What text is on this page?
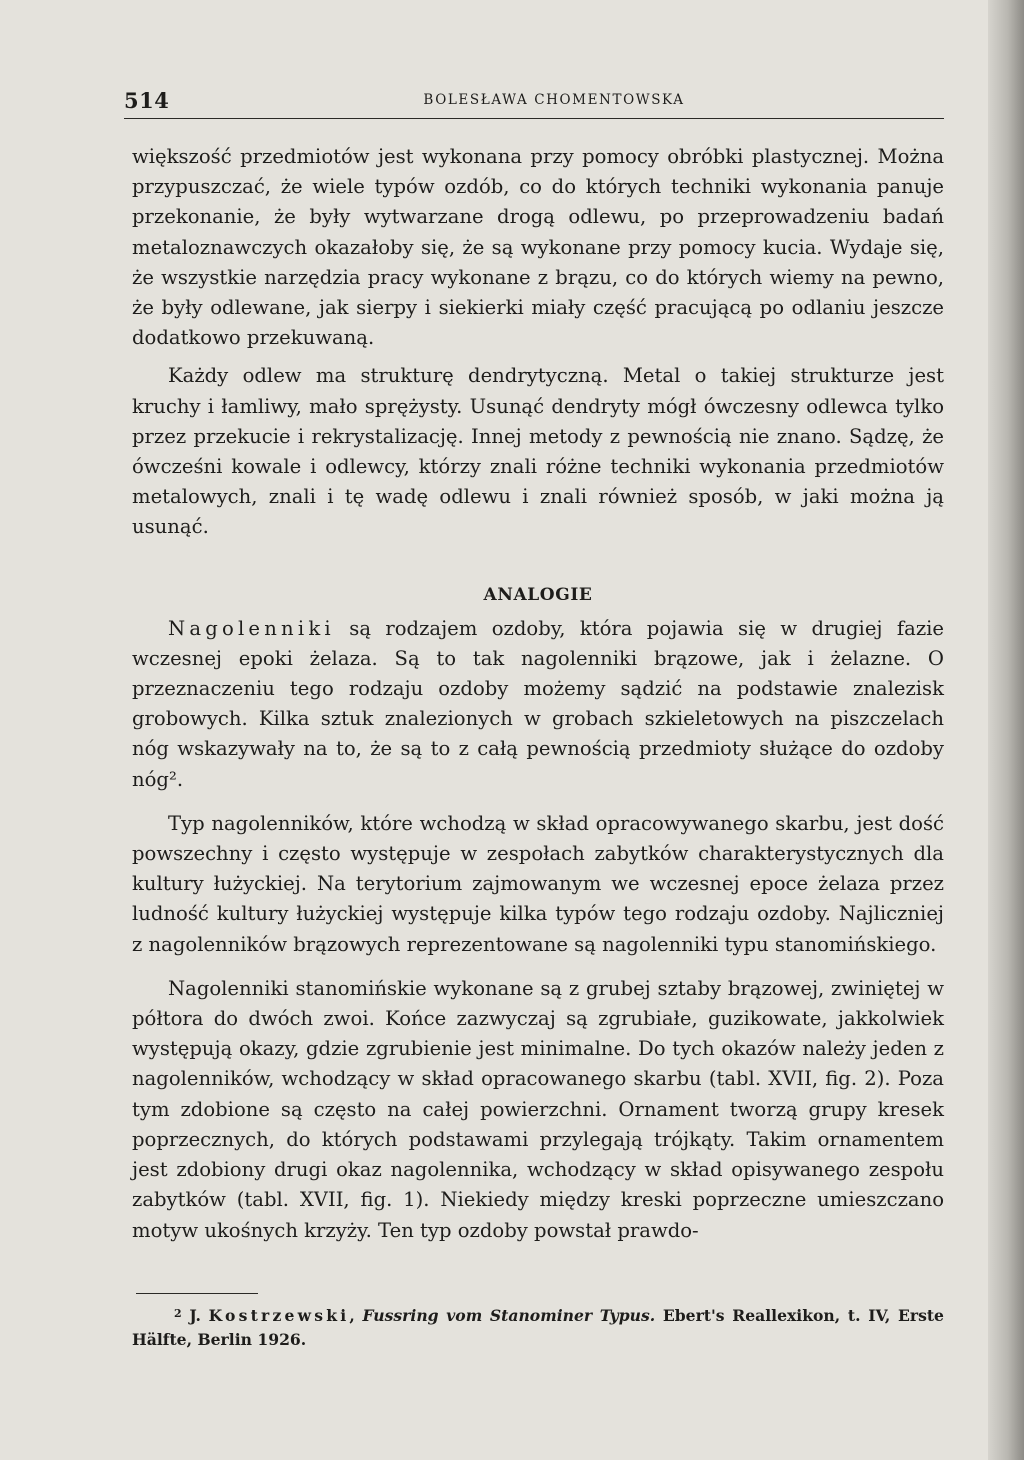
514	BOLESŁAWA CHOMENTOWSKA

większość przedmiotów jest wykonana przy pomocy obróbki plastycznej. Można przypuszczać, że wiele typów ozdób, co do których techniki wykonania panuje przekonanie, że były wytwarzane drogą odlewu, po przeprowadzeniu badań metaloznawczych okazałoby się, że są wykonane przy pomocy kucia. Wydaje się, że wszystkie narzędzia pracy wykonane z brązu, co do których wiemy na pewno, że były odlewane, jak sierpy i siekierki miały część pracującą po odlaniu jeszcze dodatkowo przekuwaną.

Każdy odlew ma strukturę dendrytyczną. Metal o takiej strukturze jest kruchy i łamliwy, mało sprężysty. Usunąć dendryty mógł ówczesny odlewca tylko przez przekucie i rekrystalizację. Innej metody z pewnością nie znano. Sądzę, że ówcześni kowale i odlewcy, którzy znali różne techniki wykonania przedmiotów metalowych, znali i tę wadę odlewu i znali również sposób, w jaki można ją usunąć.

ANALOGIE

Nagolenniki są rodzajem ozdoby, która pojawia się w drugiej fazie wczesnej epoki żelaza. Są to tak nagolenniki brązowe, jak i żelazne. O przeznaczeniu tego rodzaju ozdoby możemy sądzić na podstawie znalezisk grobowych. Kilka sztuk znalezionych w grobach szkieletowych na piszczelach nóg wskazywały na to, że są to z całą pewnością przedmioty służące do ozdoby nóg².

Typ nagolenników, które wchodzą w skład opracowywanego skarbu, jest dość powszechny i często występuje w zespołach zabytków charakterystycznych dla kultury łużyckiej. Na terytorium zajmowanym we wczesnej epoce żelaza przez ludność kultury łużyckiej występuje kilka typów tego rodzaju ozdoby. Najliczniej z nagolenników brązowych reprezentowane są nagolenniki typu stanomińskiego.

Nagolenniki stanomińskie wykonane są z grubej sztaby brązowej, zwiniętej w półtora do dwóch zwoi. Końce zazwyczaj są zgrubiałe, guzikowate, jakkolwiek występują okazy, gdzie zgrubienie jest minimalne. Do tych okazów należy jeden z nagolenników, wchodzący w skład opracowanego skarbu (tabl. XVII, fig. 2). Poza tym zdobione są często na całej powierzchni. Ornament tworzą grupy kresek poprzecznych, do których podstawami przylegają trójkąty. Takim ornamentem jest zdobiony drugi okaz nagolennika, wchodzący w skład opisywanego zespołu zabytków (tabl. XVII, fig. 1). Niekiedy między kreski poprzeczne umieszczano motyw ukośnych krzyży. Ten typ ozdoby powstał prawdo-

$^2$ J. Kostrzewski, Fussring vom Stanominer Typus. Ebert's Reallexikon, t. IV, Erste Hälfte, Berlin 1926.
